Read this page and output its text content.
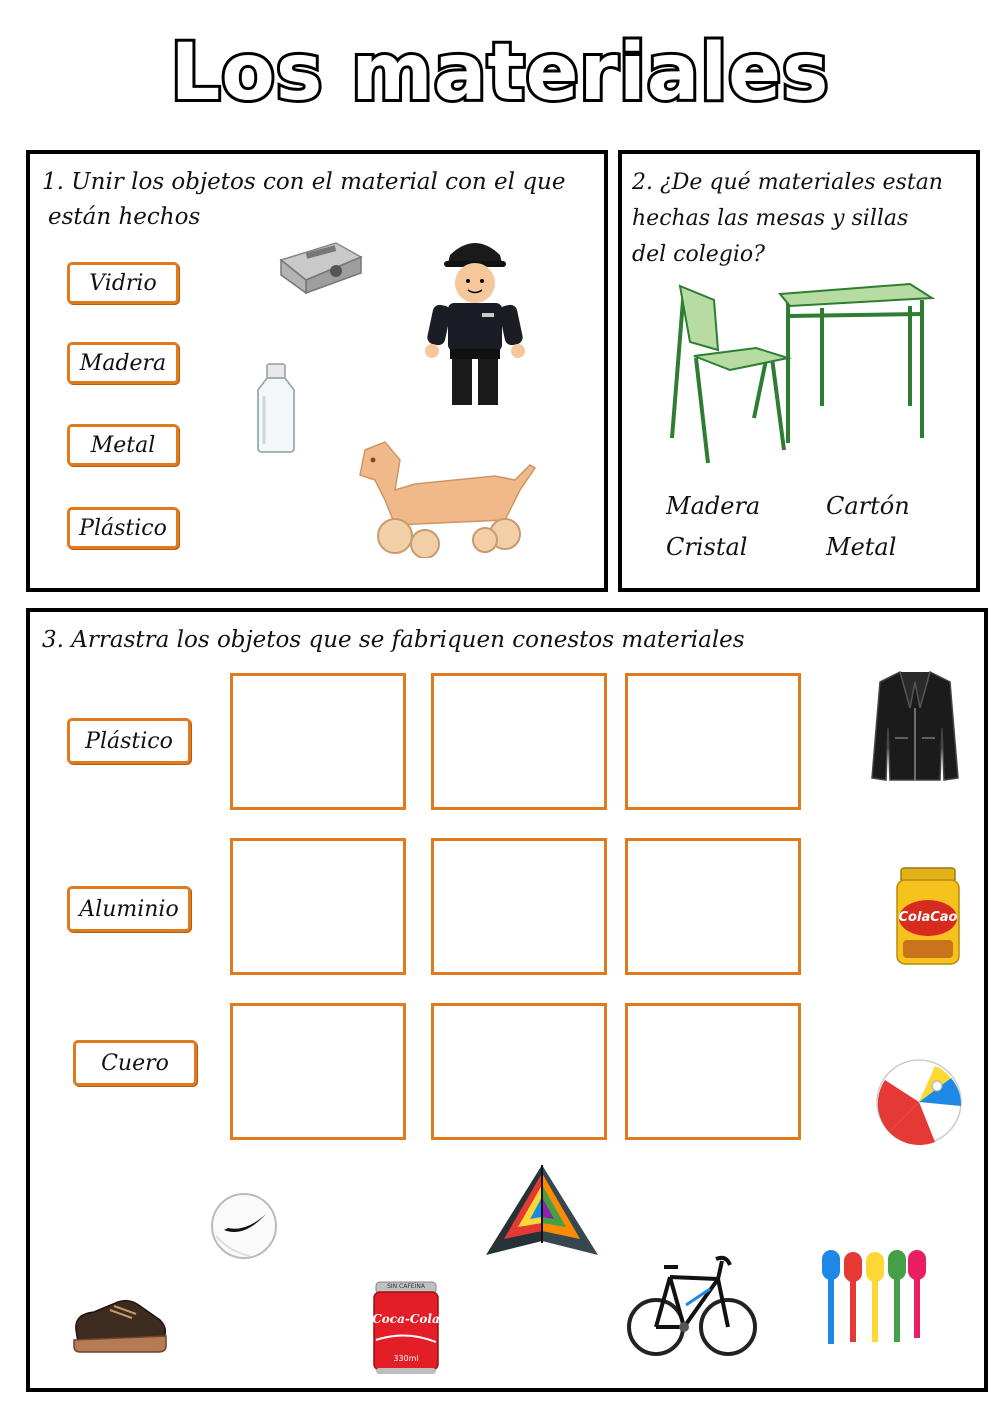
Los materiales
1. Unir los objetos con el material con el que
están hechos
Vidrio
Madera
Metal
Plástico
2. ¿De qué materiales estan
hechas las mesas y sillas
del colegio?
Madera	Cartón
Cristal	Metal
3. Arrastra los objetos que se fabriquen conestos materiales
Plástico
Aluminio
Cuero
ColaCao
SIN CAFEÍNA
Coca-Cola
330ml
